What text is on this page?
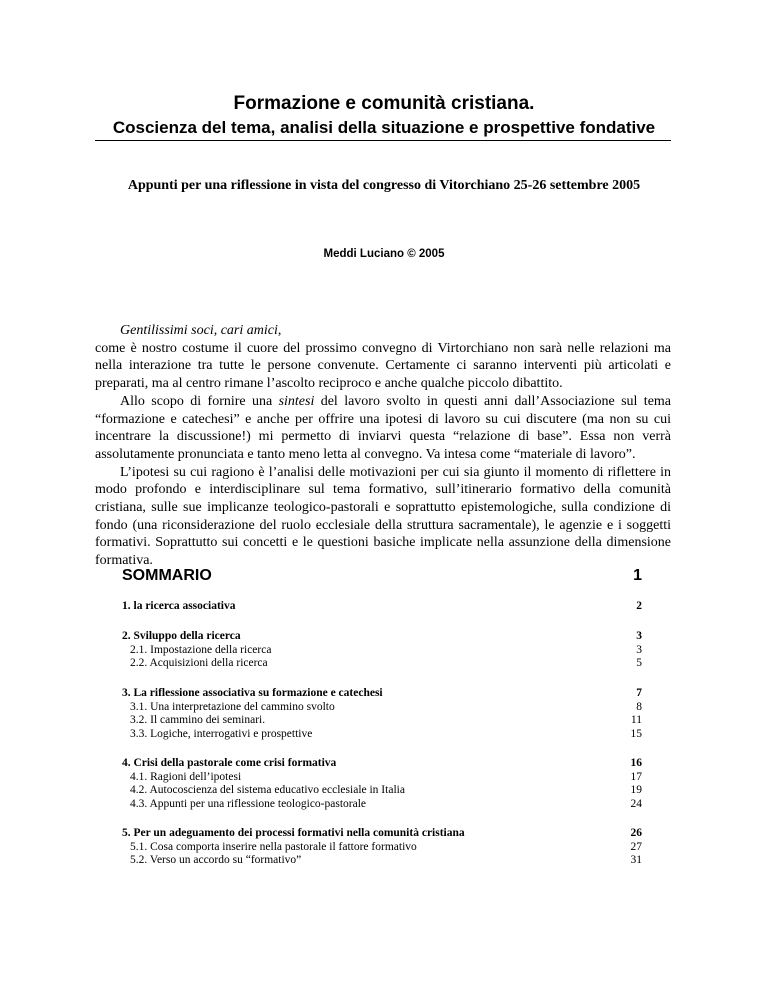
Formazione e comunità cristiana.
Coscienza del tema, analisi della situazione e prospettive fondative
Appunti per una riflessione in vista del congresso di Vitorchiano 25-26 settembre 2005
Meddi Luciano © 2005

Gentilissimi soci, cari amici,

come è nostro costume il cuore del prossimo convegno di Virtorchiano non sarà nelle relazioni ma nella interazione tra tutte le persone convenute. Certamente ci saranno interventi più articolati e preparati, ma al centro rimane l’ascolto reciproco e anche qualche piccolo dibattito.

Allo scopo di fornire una sintesi del lavoro svolto in questi anni dall’Associazione sul tema “formazione e catechesi” e anche per offrire una ipotesi di lavoro su cui discutere (ma non su cui incentrare la discussione!) mi permetto di inviarvi questa “relazione di base”. Essa non verrà assolutamente pronunciata e tanto meno letta al convegno. Va intesa come “materiale di lavoro”.

L’ipotesi su cui ragiono è l’analisi delle motivazioni per cui sia giunto il momento di riflettere in modo profondo e interdisciplinare sul tema formativo, sull’itinerario formativo della comunità cristiana, sulle sue implicanze teologico-pastorali e soprattutto epistemologiche, sulla condizione di fondo (una riconsiderazione del ruolo ecclesiale della struttura sacramentale), le agenzie e i soggetti formativi. Soprattutto sui concetti e le questioni basiche implicate nella assunzione della dimensione formativa.

SOMMARIO	1
1. la ricerca associativa	2
2. Sviluppo della ricerca	3
2.1. Impostazione della ricerca	3
2.2. Acquisizioni della ricerca	5
3. La riflessione associativa su formazione e catechesi	7
3.1. Una interpretazione del cammino svolto	8
3.2. Il cammino dei seminari.	11
3.3. Logiche, interrogativi e prospettive	15
4. Crisi della pastorale come crisi formativa	16
4.1. Ragioni dell’ipotesi	17
4.2. Autocoscienza del sistema educativo ecclesiale in Italia	19
4.3. Appunti per una riflessione teologico-pastorale	24
5. Per un adeguamento dei processi formativi nella comunità cristiana	26
5.1. Cosa comporta inserire nella pastorale il fattore formativo	27
5.2. Verso un accordo su “formativo”	31
